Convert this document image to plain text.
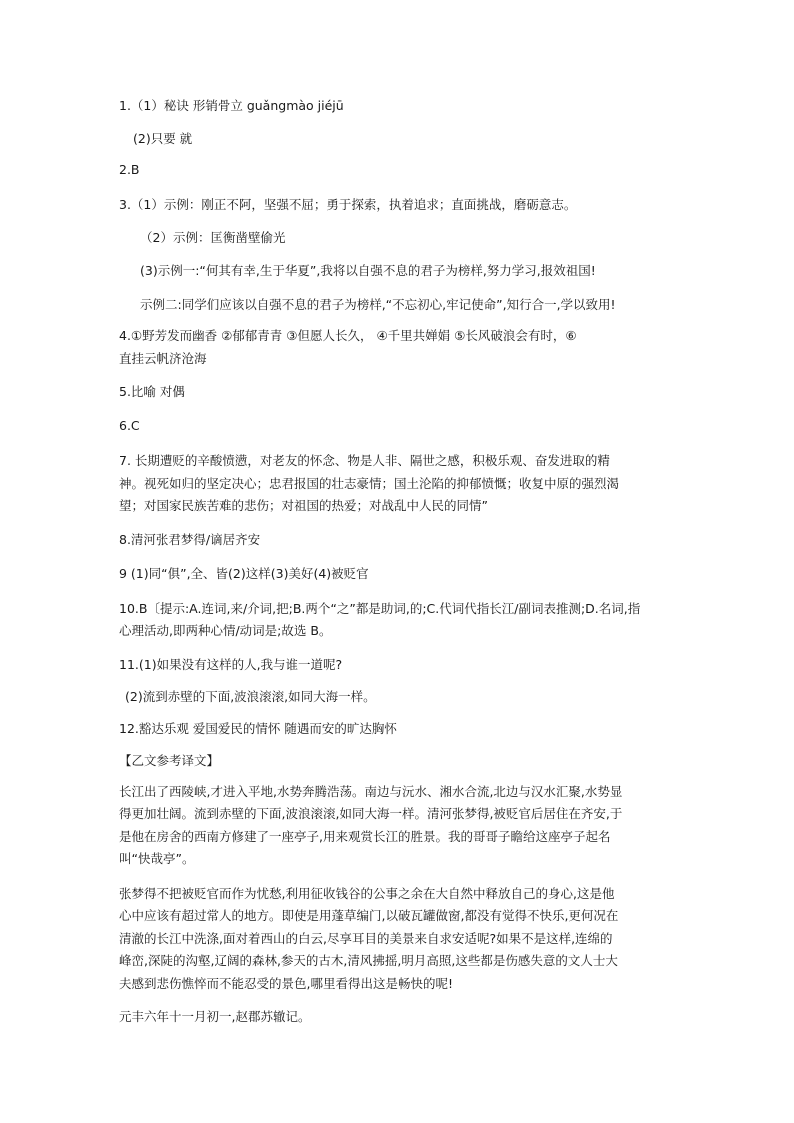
1.（1）秘诀 形销骨立 guǎngmào jiéjū

(2)只要 就

2.B

3.（1）示例：刚正不阿，坚强不屈；勇于探索，执着追求；直面挑战，磨砺意志。

（2）示例：匡衡凿壁偷光

(3)示例一:“何其有幸,生于华夏”,我将以自强不息的君子为榜样,努力学习,报效祖国!

示例二:同学们应该以自强不息的君子为榜样,“不忘初心,牢记使命”,知行合一,学以致用!

4.①野芳发而幽香 ②郁郁青青 ③但愿人长久， ④千里共婵娟 ⑤长风破浪会有时，⑥
直挂云帆济沧海

5.比喻 对偶

6.C

7. 长期遭贬的辛酸愤懑，对老友的怀念、物是人非、隔世之感，积极乐观、奋发进取的精
神。视死如归的坚定决心；忠君报国的壮志豪情；国土沦陷的抑郁愤慨；收复中原的强烈渴
望；对国家民族苦难的悲伤；对祖国的热爱；对战乱中人民的同情”

8.清河张君梦得/谪居齐安

9 (1)同“俱”,全、皆(2)这样(3)美好(4)被贬官

10.B〔提示:A.连词,来/介词,把;B.两个“之”都是助词,的;C.代词代指长江/副词表推测;D.名词,指
心理活动,即两种心情/动词是;故选 B。

11.(1)如果没有这样的人,我与谁一道呢?

(2)流到赤壁的下面,波浪滚滚,如同大海一样。

12.豁达乐观 爱国爱民的情怀 随遇而安的旷达胸怀

【乙文参考译文】

长江出了西陵峡,才进入平地,水势奔腾浩荡。南边与沅水、湘水合流,北边与汉水汇聚,水势显
得更加壮阔。流到赤壁的下面,波浪滚滚,如同大海一样。清河张梦得,被贬官后居住在齐安,于
是他在房舍的西南方修建了一座亭子,用来观赏长江的胜景。我的哥哥子瞻给这座亭子起名
叫“快哉亭”。
张梦得不把被贬官而作为忧愁,利用征收钱谷的公事之余在大自然中释放自己的身心,这是他
心中应该有超过常人的地方。即使是用蓬草编门,以破瓦罐做窗,都没有觉得不快乐,更何况在
清澈的长江中洗涤,面对着西山的白云,尽享耳目的美景来自求安适呢?如果不是这样,连绵的
峰峦,深陡的沟壑,辽阔的森林,参天的古木,清风拂摇,明月高照,这些都是伤感失意的文人士大
夫感到悲伤憔悴而不能忍受的景色,哪里看得出这是畅快的呢!

元丰六年十一月初一,赵郡苏辙记。
